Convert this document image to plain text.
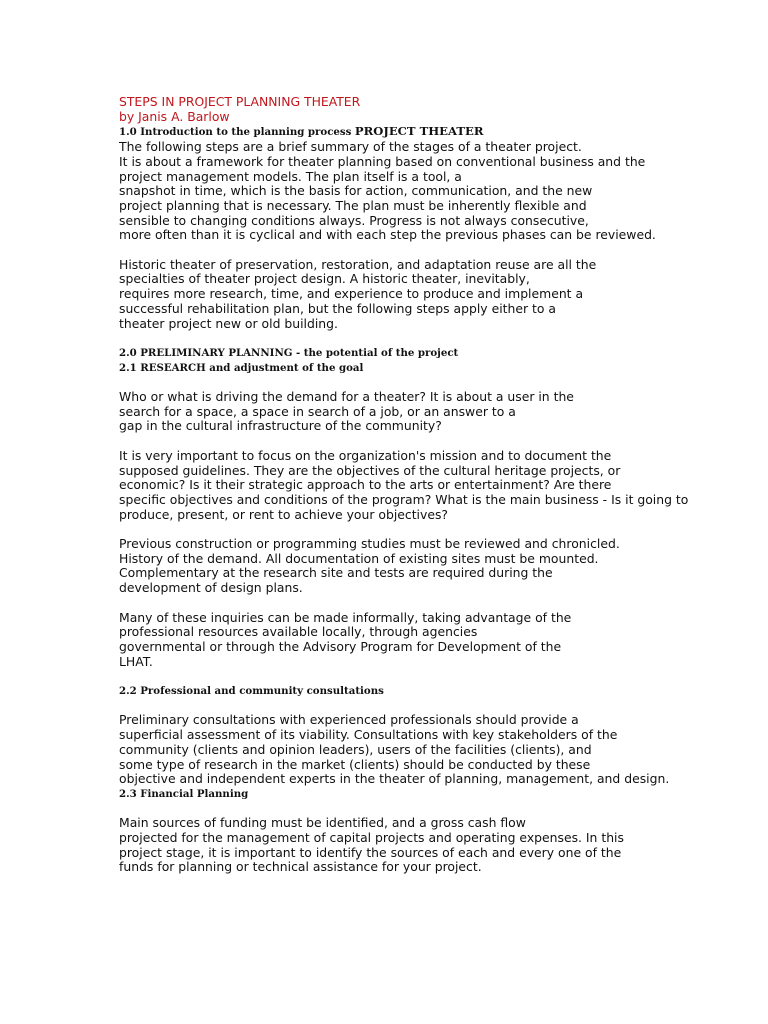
STEPS IN PROJECT PLANNING THEATER
by Janis A. Barlow
1.0 Introduction to the planning process PROJECT THEATER
The following steps are a brief summary of the stages of a theater project.
It is about a framework for theater planning based on conventional business and the
project management models. The plan itself is a tool, a
snapshot in time, which is the basis for action, communication, and the new
project planning that is necessary. The plan must be inherently flexible and
sensible to changing conditions always. Progress is not always consecutive,
more often than it is cyclical and with each step the previous phases can be reviewed.
Historic theater of preservation, restoration, and adaptation reuse are all the
specialties of theater project design. A historic theater, inevitably,
requires more research, time, and experience to produce and implement a
successful rehabilitation plan, but the following steps apply either to a
theater project new or old building.
2.0 PRELIMINARY PLANNING - the potential of the project
2.1 RESEARCH and adjustment of the goal
Who or what is driving the demand for a theater? It is about a user in the
search for a space, a space in search of a job, or an answer to a
gap in the cultural infrastructure of the community?
It is very important to focus on the organization's mission and to document the
supposed guidelines. They are the objectives of the cultural heritage projects, or
economic? Is it their strategic approach to the arts or entertainment? Are there
specific objectives and conditions of the program? What is the main business - Is it going to
produce, present, or rent to achieve your objectives?
Previous construction or programming studies must be reviewed and chronicled.
History of the demand. All documentation of existing sites must be mounted.
Complementary at the research site and tests are required during the
development of design plans.
Many of these inquiries can be made informally, taking advantage of the
professional resources available locally, through agencies
governmental or through the Advisory Program for Development of the
LHAT.
2.2 Professional and community consultations
Preliminary consultations with experienced professionals should provide a
superficial assessment of its viability. Consultations with key stakeholders of the
community (clients and opinion leaders), users of the facilities (clients), and
some type of research in the market (clients) should be conducted by these
objective and independent experts in the theater of planning, management, and design.
2.3 Financial Planning
Main sources of funding must be identified, and a gross cash flow
projected for the management of capital projects and operating expenses. In this
project stage, it is important to identify the sources of each and every one of the
funds for planning or technical assistance for your project.
